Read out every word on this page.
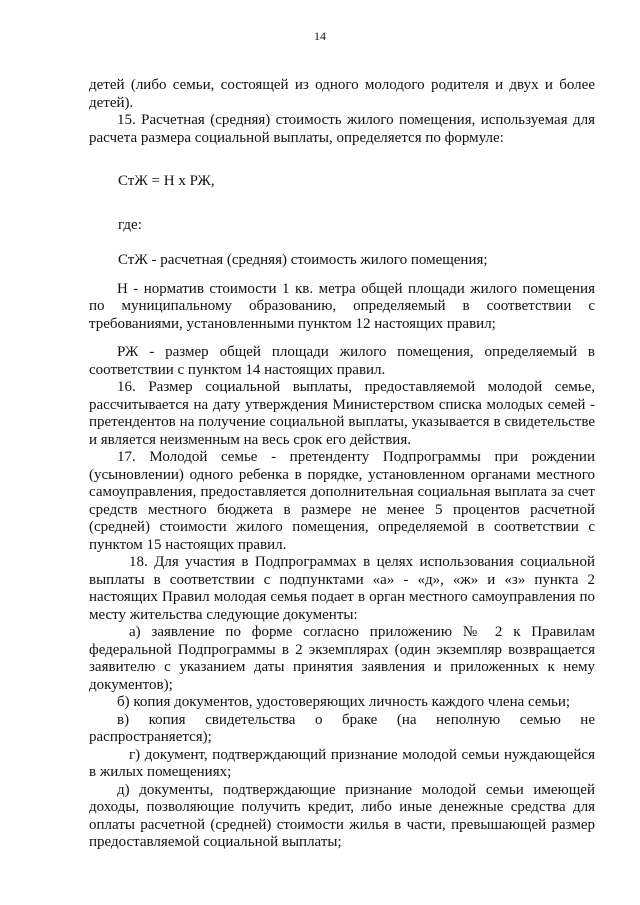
14

детей (либо семьи, состоящей из одного молодого родителя и двух и более детей).

15. Расчетная (средняя) стоимость жилого помещения, используемая для расчета размера социальной выплаты, определяется по формуле:

СтЖ = Н х РЖ,

где:

СтЖ - расчетная (средняя) стоимость жилого помещения;

Н - норматив стоимости 1 кв. метра общей площади жилого помещения по муниципальному образованию, определяемый в соответствии с требованиями, установленными пунктом 12 настоящих правил;

РЖ - размер общей площади жилого помещения, определяемый в соответствии с пунктом 14 настоящих правил.

16. Размер социальной выплаты, предоставляемой молодой семье, рассчитывается на дату утверждения Министерством списка молодых семей - претендентов на получение социальной выплаты, указывается в свидетельстве и является неизменным на весь срок его действия.

17. Молодой семье - претенденту Подпрограммы при рождении (усыновлении) одного ребенка в порядке, установленном органами местного самоуправления, предоставляется дополнительная социальная выплата за счет средств местного бюджета в размере не менее 5 процентов расчетной (средней) стоимости жилого помещения, определяемой в соответствии с пунктом 15 настоящих правил.

18. Для участия в Подпрограммах в целях использования социальной выплаты в соответствии с подпунктами «а» - «д», «ж» и «з» пункта 2 настоящих Правил молодая семья подает в орган местного самоуправления по месту жительства следующие документы:

а) заявление по форме согласно приложению № 2 к Правилам федеральной Подпрограммы в 2 экземплярах (один экземпляр возвращается заявителю с указанием даты принятия заявления и приложенных к нему документов);

б) копия документов, удостоверяющих личность каждого члена семьи;

в) копия свидетельства о браке (на неполную семью не распространяется);

г) документ, подтверждающий признание молодой семьи нуждающейся в жилых помещениях;

д) документы, подтверждающие признание молодой семьи имеющей доходы, позволяющие получить кредит, либо иные денежные средства для оплаты расчетной (средней) стоимости жилья в части, превышающей размер предоставляемой социальной выплаты;
